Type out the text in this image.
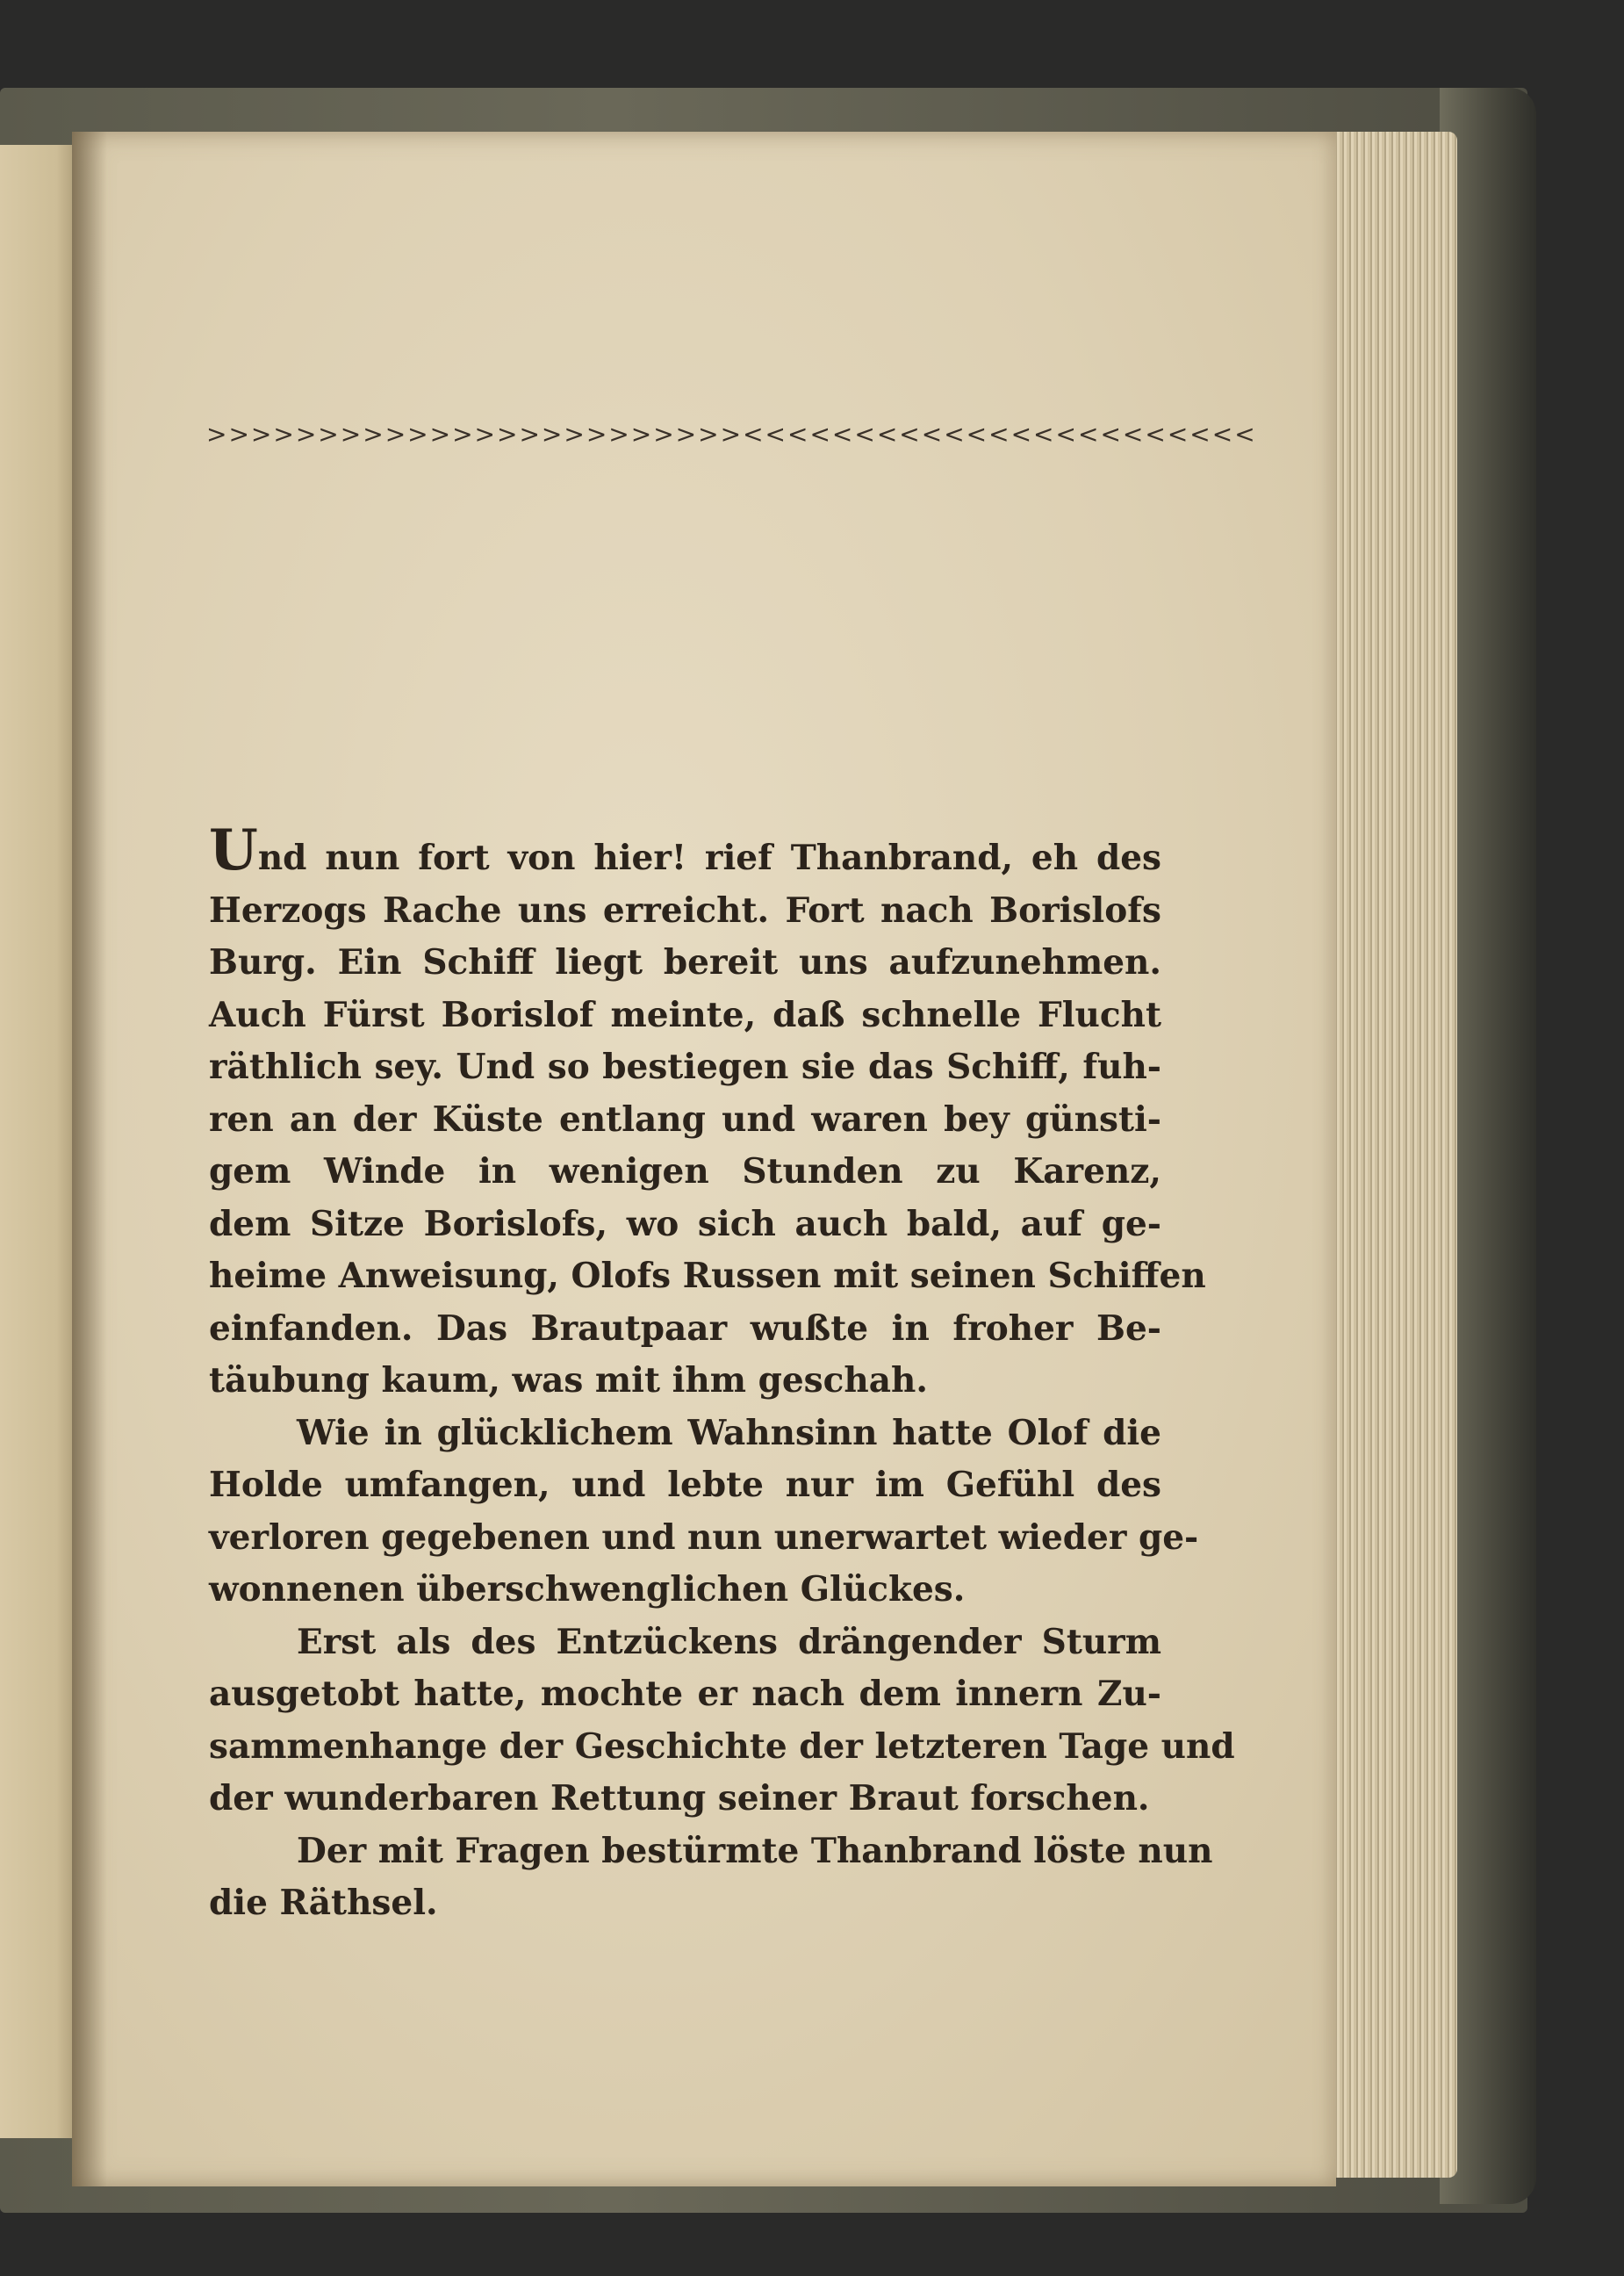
>>>>>>>>>>>>>>>>>>>>>>>><<<<<<<<<<<<<<<<<<<<<<<
Und nun fort von hier! rief Thanbrand, eh des
Herzogs Rache uns erreicht. Fort nach Borislofs
Burg. Ein Schiff liegt bereit uns aufzunehmen.
Auch Fürst Borislof meinte, daß schnelle Flucht
räthlich sey. Und so bestiegen sie das Schiff, fuh-
ren an der Küste entlang und waren bey günsti-
gem Winde in wenigen Stunden zu Karenz,
dem Sitze Borislofs, wo sich auch bald, auf ge-
heime Anweisung, Olofs Russen mit seinen Schiffen
einfanden. Das Brautpaar wußte in froher Be-
täubung kaum, was mit ihm geschah.
Wie in glücklichem Wahnsinn hatte Olof die
Holde umfangen, und lebte nur im Gefühl des
verloren gegebenen und nun unerwartet wieder ge-
wonnenen überschwenglichen Glückes.
Erst als des Entzückens drängender Sturm
ausgetobt hatte, mochte er nach dem innern Zu-
sammenhange der Geschichte der letzteren Tage und
der wunderbaren Rettung seiner Braut forschen.
Der mit Fragen bestürmte Thanbrand löste nun
die Räthsel.
